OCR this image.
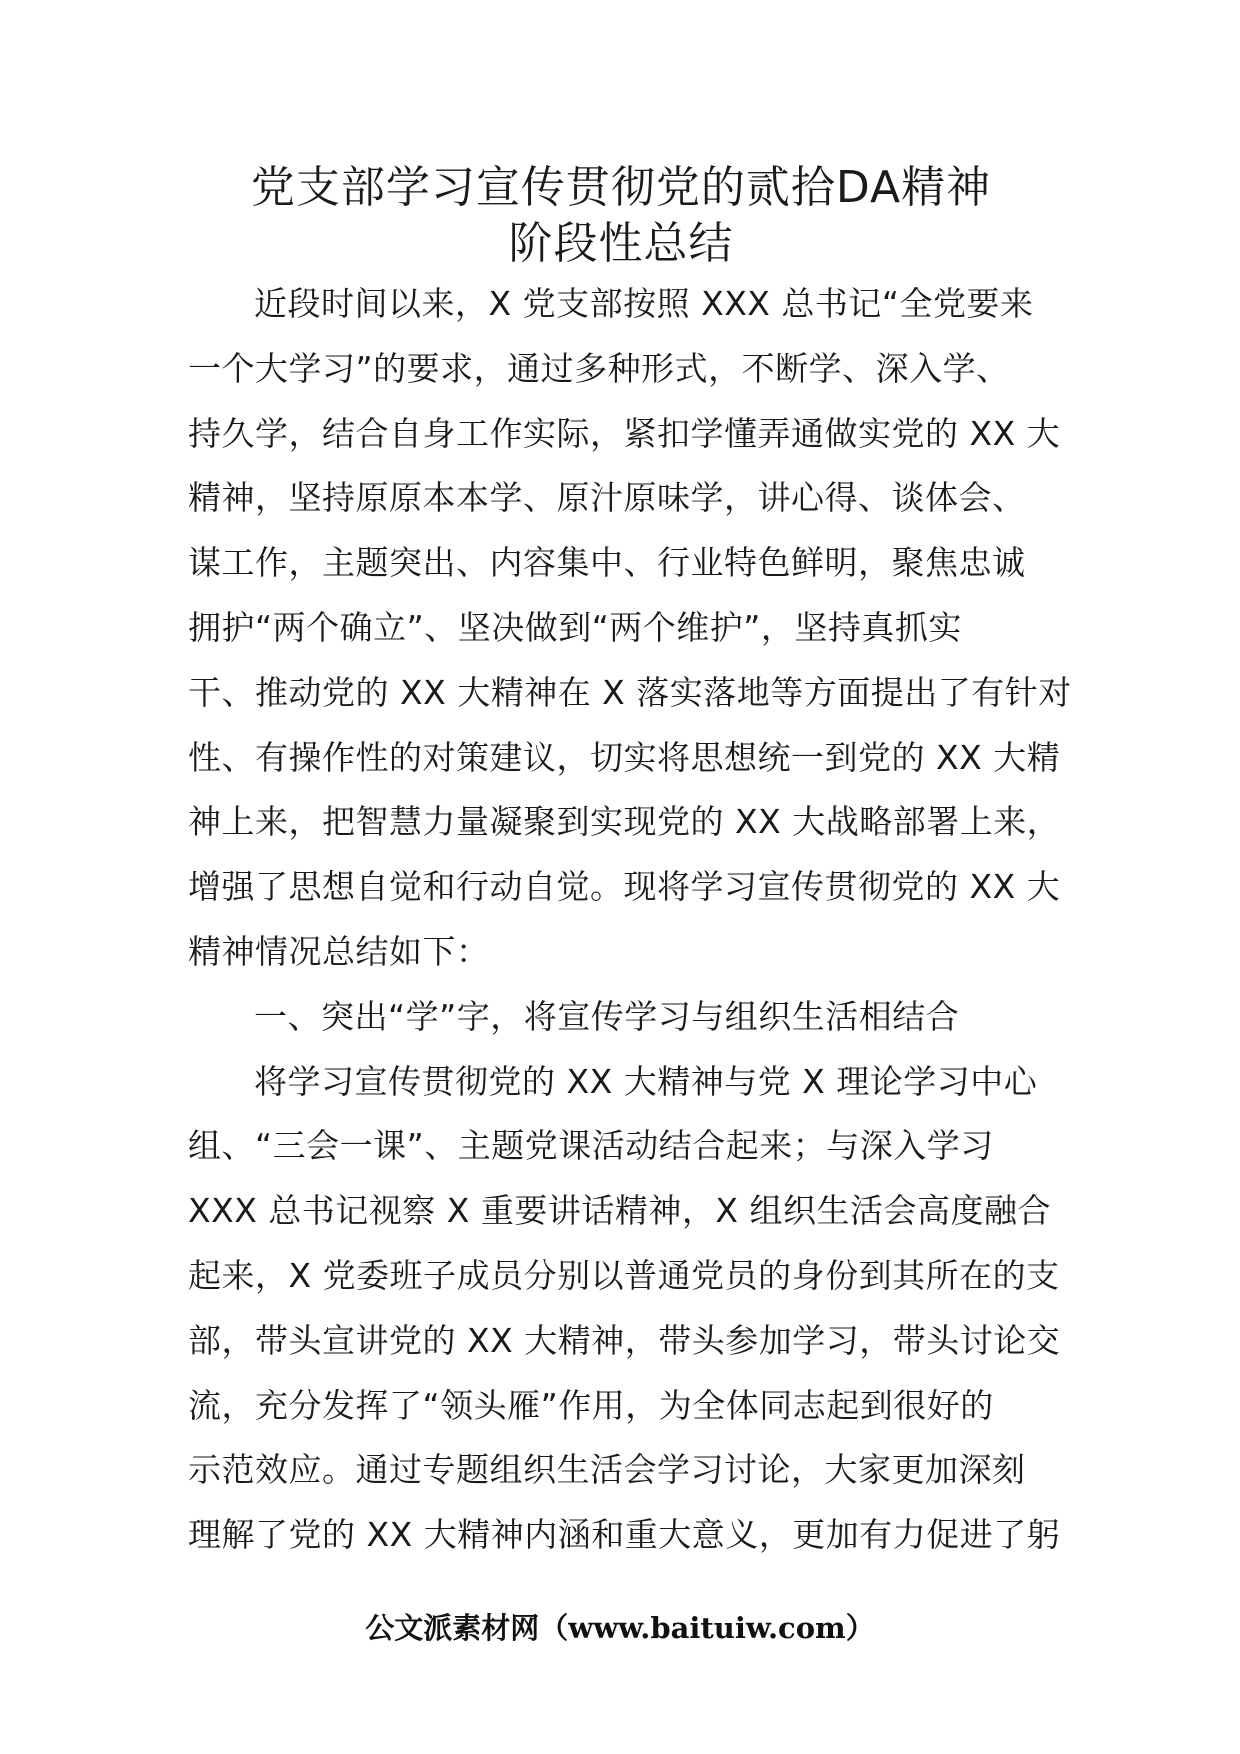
党支部学习宣传贯彻党的贰拾DA精神
阶段性总结
近段时间以来，X 党支部按照 XXX 总书记“全党要来
一个大学习”的要求，通过多种形式，不断学、深入学、
持久学，结合自身工作实际，紧扣学懂弄通做实党的 XX 大
精神，坚持原原本本学、原汁原味学，讲心得、谈体会、
谋工作，主题突出、内容集中、行业特色鲜明，聚焦忠诚
拥护“两个确立”、坚决做到“两个维护”，坚持真抓实
干、推动党的 XX 大精神在 X 落实落地等方面提出了有针对
性、有操作性的对策建议，切实将思想统一到党的 XX 大精
神上来，把智慧力量凝聚到实现党的 XX 大战略部署上来，
增强了思想自觉和行动自觉。现将学习宣传贯彻党的 XX 大
精神情况总结如下：
一、突出“学”字，将宣传学习与组织生活相结合
将学习宣传贯彻党的 XX 大精神与党 X 理论学习中心
组、“三会一课”、主题党课活动结合起来；与深入学习
XXX 总书记视察 X 重要讲话精神，X 组织生活会高度融合
起来，X 党委班子成员分别以普通党员的身份到其所在的支
部，带头宣讲党的 XX 大精神，带头参加学习，带头讨论交
流，充分发挥了“领头雁”作用，为全体同志起到很好的
示范效应。通过专题组织生活会学习讨论，大家更加深刻
理解了党的 XX 大精神内涵和重大意义，更加有力促进了躬
公文派素材网（www.baituiw.com）
